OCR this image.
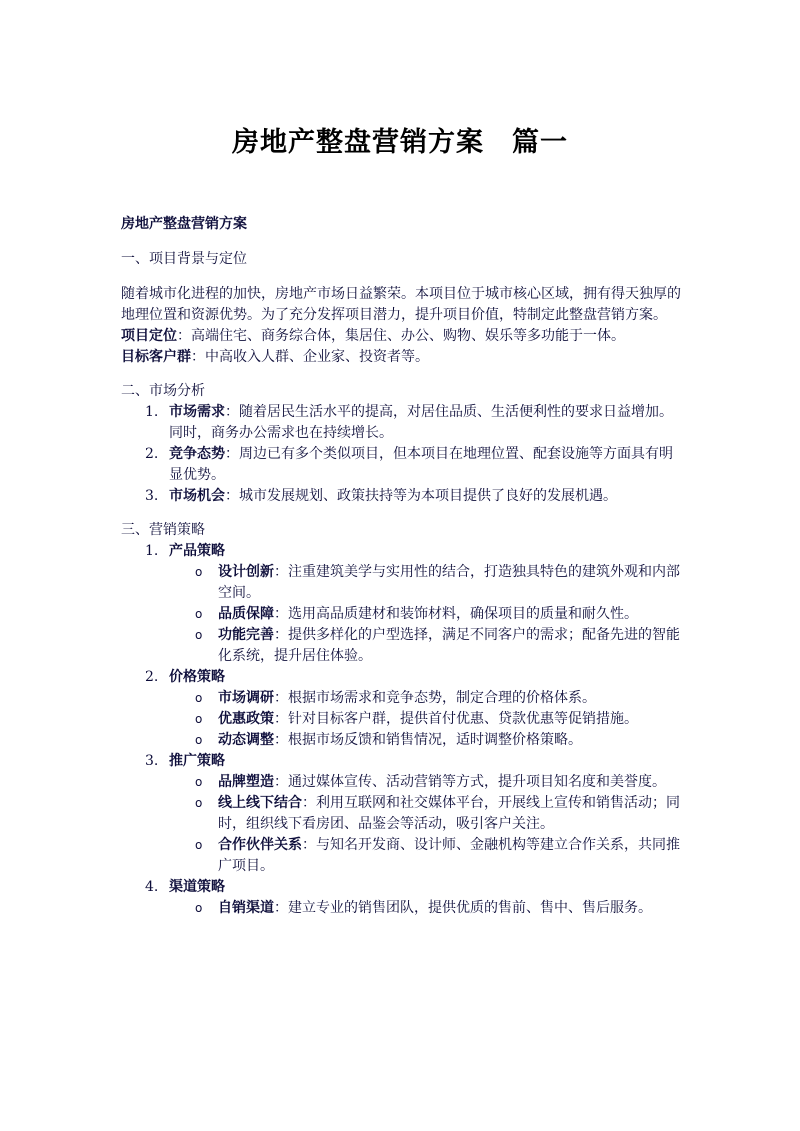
房地产整盘营销方案 篇一

房地产整盘营销方案

一、项目背景与定位

随着城市化进程的加快，房地产市场日益繁荣。本项目位于城市核心区域，拥有得天独厚的地理位置和资源优势。为了充分发挥项目潜力，提升项目价值，特制定此整盘营销方案。

项目定位：高端住宅、商务综合体，集居住、办公、购物、娱乐等多功能于一体。

目标客户群：中高收入人群、企业家、投资者等。

二、市场分析

1. 市场需求：随着居民生活水平的提高，对居住品质、生活便利性的要求日益增加。同时，商务办公需求也在持续增长。
2. 竞争态势：周边已有多个类似项目，但本项目在地理位置、配套设施等方面具有明显优势。
3. 市场机会：城市发展规划、政策扶持等为本项目提供了良好的发展机遇。

三、营销策略

1. 产品策略
o 设计创新：注重建筑美学与实用性的结合，打造独具特色的建筑外观和内部空间。
o 品质保障：选用高品质建材和装饰材料，确保项目的质量和耐久性。
o 功能完善：提供多样化的户型选择，满足不同客户的需求；配备先进的智能化系统，提升居住体验。
2. 价格策略
o 市场调研：根据市场需求和竞争态势，制定合理的价格体系。
o 优惠政策：针对目标客户群，提供首付优惠、贷款优惠等促销措施。
o 动态调整：根据市场反馈和销售情况，适时调整价格策略。
3. 推广策略
o 品牌塑造：通过媒体宣传、活动营销等方式，提升项目知名度和美誉度。
o 线上线下结合：利用互联网和社交媒体平台，开展线上宣传和销售活动；同时，组织线下看房团、品鉴会等活动，吸引客户关注。
o 合作伙伴关系：与知名开发商、设计师、金融机构等建立合作关系，共同推广项目。
4. 渠道策略
o 自销渠道：建立专业的销售团队，提供优质的售前、售中、售后服务。
